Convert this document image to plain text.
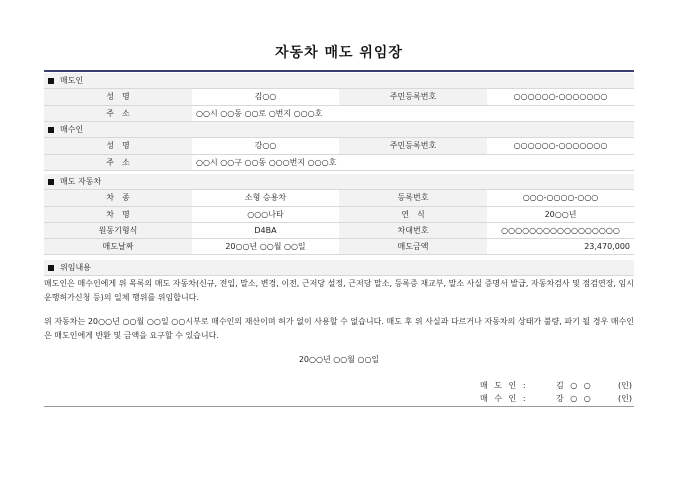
자동차 매도 위임장
매도인
성　명	김○○	주민등록번호	○○○○○○-○○○○○○○
주　소	○○시 ○○동 ○○로 ○번지 ○○○호		
매수인
성　명	강○○	주민등록번호	○○○○○○-○○○○○○○
주　소	○○시 ○○구 ○○동 ○○○번지 ○○○호		
매도 자동차
차　종	소형 승용차	등록번호	○○○-○○○○-○○○
차　명	○○○나타	연　식	20○○년
원동기형식	D4BA	차대번호	○○○○○○○○○○○○○○○○○
매도날짜	20○○년 ○○월 ○○일	매도금액	23,470,000
위임내용
매도인은 매수인에게 위 목록의 매도 자동차(신규, 전입, 말소, 변경, 이전, 근저당 설정, 근저당 말소, 등록증 재교부, 말소 사실 증명서 발급, 자동차검사 및 점검연장, 임시운행허가신청 등)의 일체 행위를 위임합니다.
위 자동차는 20○○년 ○○월 ○○일 ○○시부로 매수인의 재산이며 허가 없이 사용할 수 없습니다. 매도 후 위 사실과 다르거나 자동차의 상태가 불량, 파기 될 경우 매수인은 매도인에게 반환 및 금액을 요구할 수 있습니다.
20○○년 ○○월 ○○일
매 도 인 :	김 ○ ○	(인)
매 수 인 :	강 ○ ○	(인)
